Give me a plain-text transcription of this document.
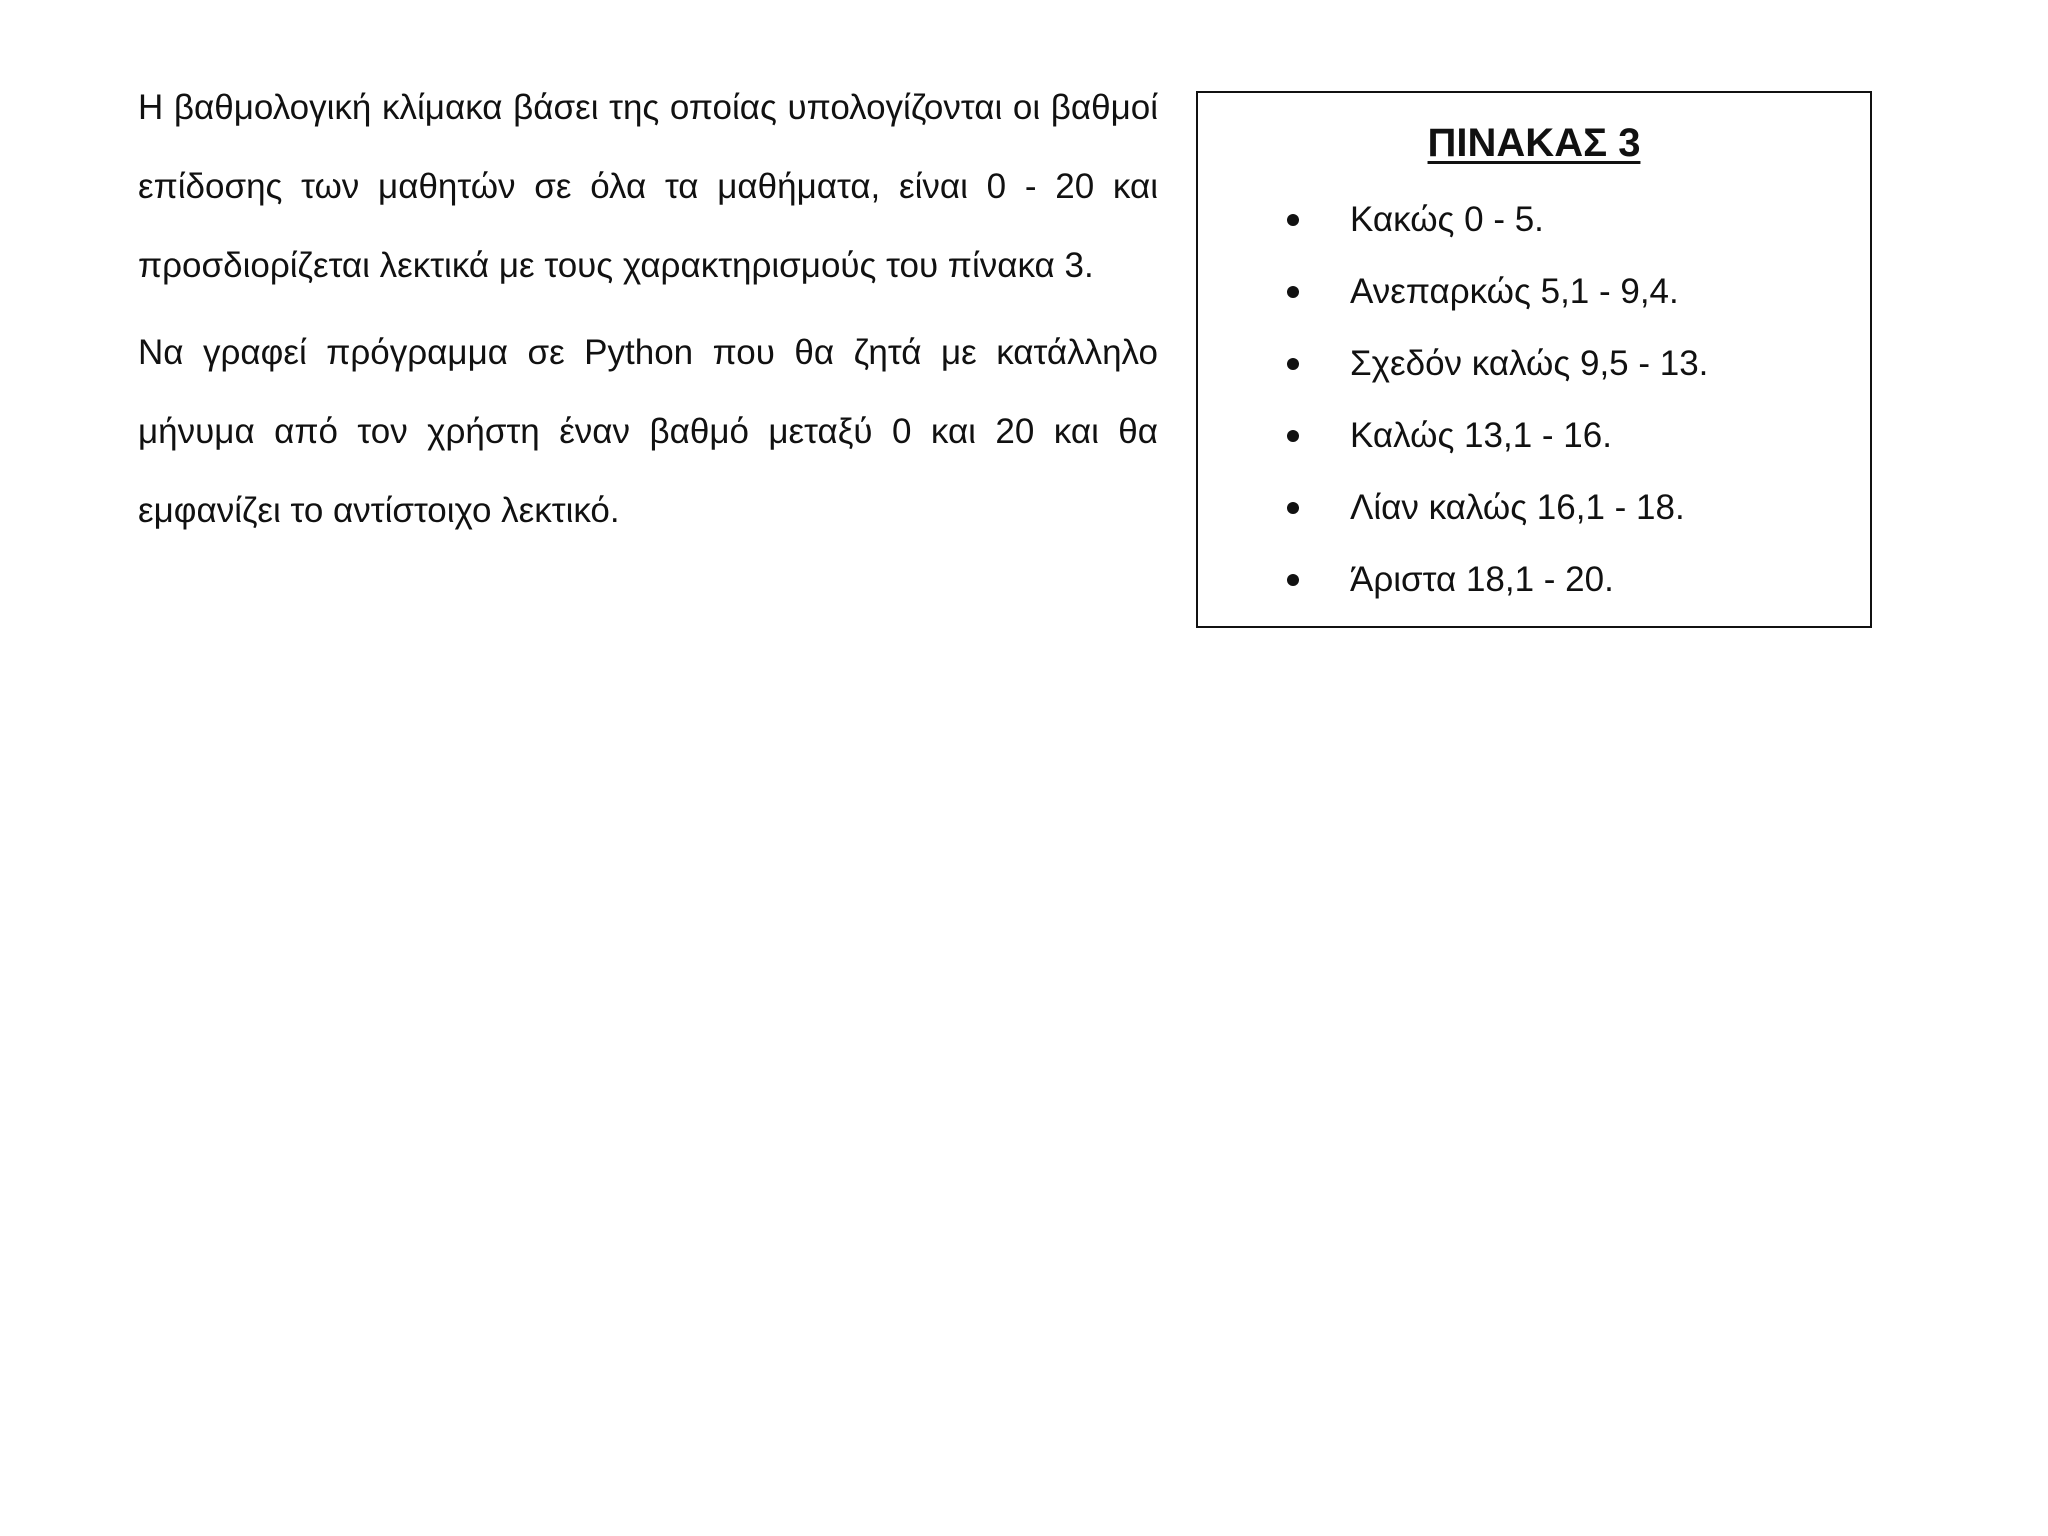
Η βαθμολογική κλίμακα βάσει της οποίας υπολογίζονται οι βαθμοί επίδοσης των μαθητών σε όλα τα μαθήματα, είναι 0 - 20 και προσδιορίζεται λεκτικά με τους χαρακτηρισμούς του πίνακα 3.

Να γραφεί πρόγραμμα σε Python που θα ζητά με κατάλληλο μήνυμα από τον χρήστη έναν βαθμό μεταξύ 0 και 20 και θα εμφανίζει το αντίστοιχο λεκτικό.

ΠΙΝΑΚΑΣ 3
Κακώς 0 - 5.
Ανεπαρκώς 5,1 - 9,4.
Σχεδόν καλώς 9,5 - 13.
Καλώς 13,1 - 16.
Λίαν καλώς 16,1 - 18.
Άριστα 18,1 - 20.
